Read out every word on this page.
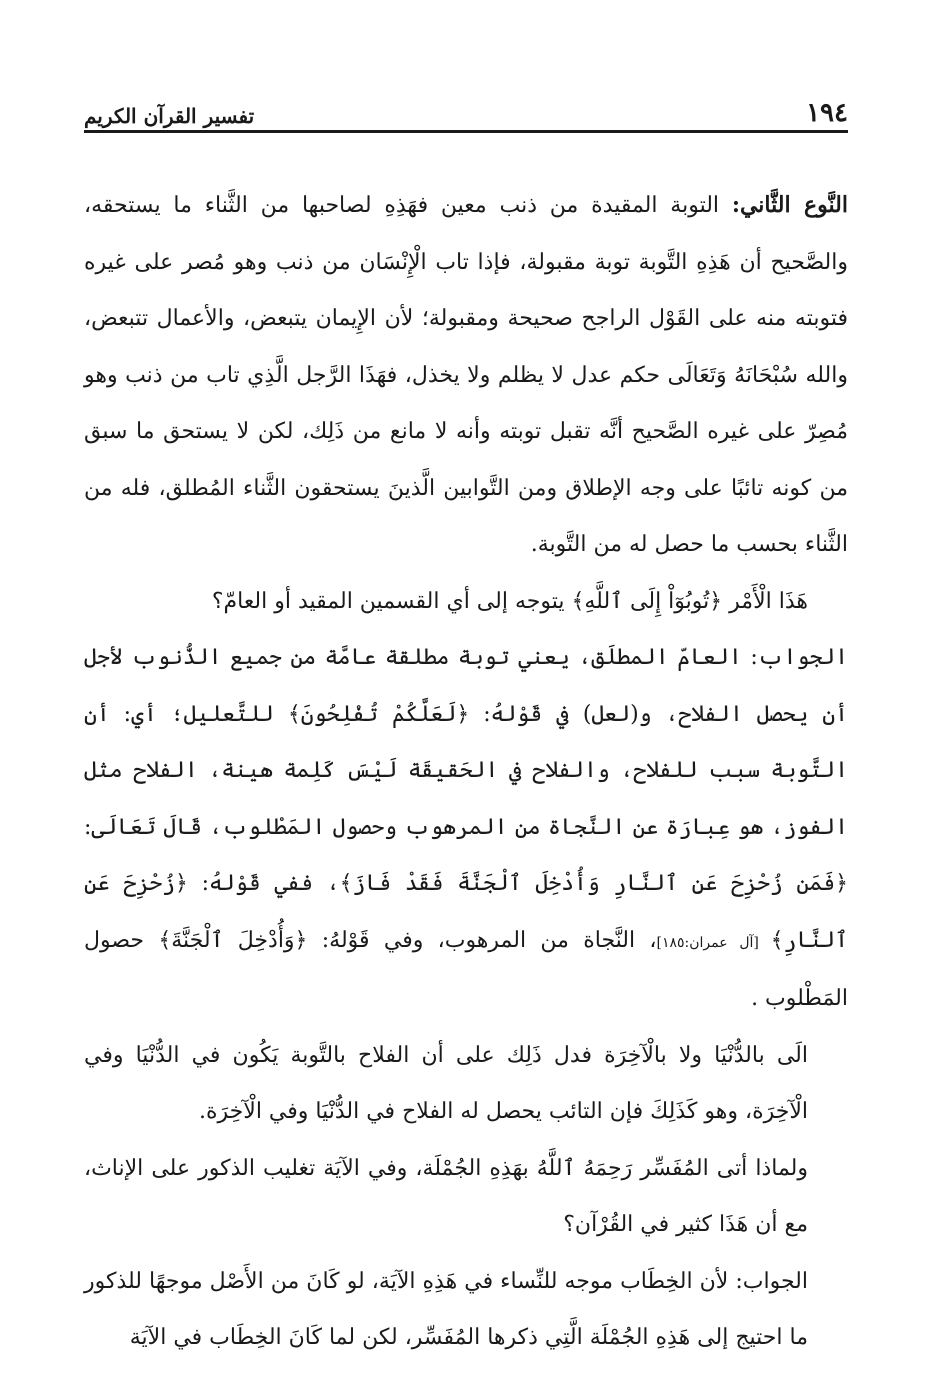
١٩٤
تفسير القرآن الكريم

النَّوع الثَّاني: التوبة المقيدة من ذنب معين فهَذِهِ لصاحبها من الثَّناء ما يستحقه، والصَّحيح أن هَذِهِ التَّوبة توبة مقبولة، فإذا تاب الْإِنْسَان من ذنب وهو مُصر على غيره فتوبته منه على القَوْل الراجح صحيحة ومقبولة؛ لأن الإِيمان يتبعض، والأعمال تتبعض، والله سُبْحَانَهُ وَتَعَالَى حكم عدل لا يظلم ولا يخذل، فهَذَا الرَّجل الَّذِي تاب من ذنب وهو مُصِرّ على غيره الصَّحيح أنَّه تقبل توبته وأنه لا مانع من ذَلِك، لكن لا يستحق ما سبق من كونه تائبًا على وجه الإطلاق ومن التَّوابين الَّذينَ يستحقون الثَّناء المُطلق، فله من الثَّناء بحسب ما حصل له من التَّوبة.

هَذَا الْأَمْر ﴿تُوبُوٓاْ إِلَى ٱللَّهِ﴾ يتوجه إلى أي القسمين المقيد أو العامّ؟

الجواب: العامّ المطلَق، يعني توبة مطلقة عامَّة من جميع الذُّنوب لأجل أن يحصل الفلاح، و(لعل) في قَوْلهُ: ﴿لَعَلَّكُمْ تُفْلِحُونَ﴾ للتَّعليل؛ أي: أن التَّوبة سبب للفلاح، والفلاح في الحَقيقَة لَيْسَ كَلِمة هينة، الفلاح مثل الفوز، هو عِبارَة عن النَّجاة من المرهوب وحصول المَطْلوب، قَالَ تَعَالَى: ﴿فَمَن زُحْزِحَ عَنِ ٱلنَّارِ وَأُدْخِلَ ٱلْجَنَّةَ فَقَدْ فَازَ﴾، ففي قَوْلهُ: ﴿زُحْزِحَ عَنِ ٱلنَّارِ﴾ [آل عمران:١٨٥]، النَّجاة من المرهوب، وفي قَوْلهُ: ﴿وَأُدْخِلَ ٱلْجَنَّةَ﴾ حصول المَطْلوب .

الَى بالدُّنْيَا ولا بالْآخِرَة فدل ذَلِك على أن الفلاح بالتَّوبة يَكُون في الدُّنْيَا وفي الْآخِرَة، وهو كَذَلِكَ فإن التائب يحصل له الفلاح في الدُّنْيَا وفي الْآخِرَة.

ولماذا أتى المُفَسِّر رَحِمَهُ ٱللَّهُ بهَذِهِ الجُمْلَة، وفي الآيَة تغليب الذكور على الإناث، مع أن هَذَا كثير في القُرْآن؟

الجواب: لأن الخِطَاب موجه للنِّساء في هَذِهِ الآيَة، لو كَانَ من الأَصْل موجهًا للذكور ما احتيج إلى هَذِهِ الجُمْلَة الَّتِي ذكرها المُفَسِّر، لكن لما كَانَ الخِطَاب في الآيَة
